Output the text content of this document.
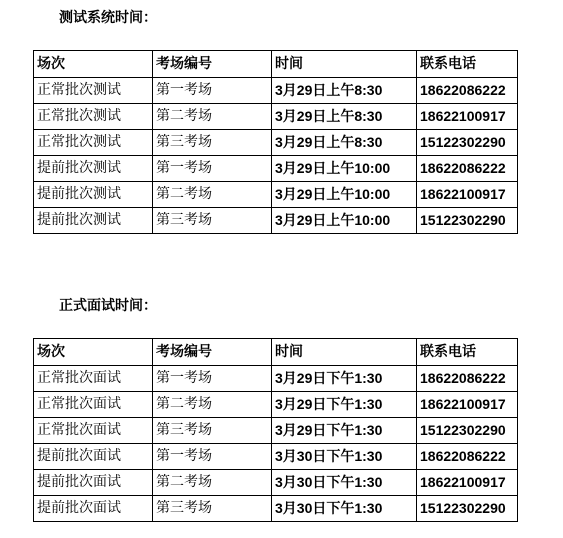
测试系统时间：
场次	考场编号	时间	联系电话
正常批次测试	第一考场	3月29日上午8:30	18622086222
正常批次测试	第二考场	3月29日上午8:30	18622100917
正常批次测试	第三考场	3月29日上午8:30	15122302290
提前批次测试	第一考场	3月29日上午10:00	18622086222
提前批次测试	第二考场	3月29日上午10:00	18622100917
提前批次测试	第三考场	3月29日上午10:00	15122302290
正式面试时间：
场次	考场编号	时间	联系电话
正常批次面试	第一考场	3月29日下午1:30	18622086222
正常批次面试	第二考场	3月29日下午1:30	18622100917
正常批次面试	第三考场	3月29日下午1:30	15122302290
提前批次面试	第一考场	3月30日下午1:30	18622086222
提前批次面试	第二考场	3月30日下午1:30	18622100917
提前批次面试	第三考场	3月30日下午1:30	15122302290
